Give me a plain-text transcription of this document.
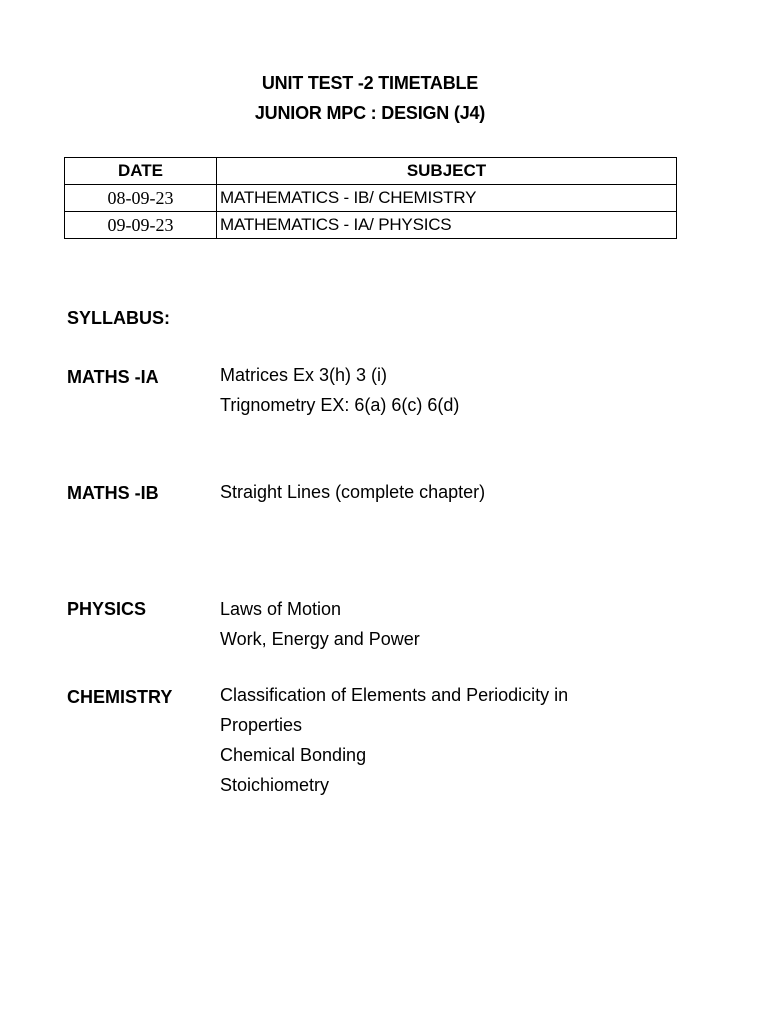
UNIT TEST -2 TIMETABLE
JUNIOR MPC : DESIGN (J4)
DATE	SUBJECT
08-09-23	MATHEMATICS - IB/ CHEMISTRY
09-09-23	MATHEMATICS - IA/ PHYSICS
SYLLABUS:
MATHS -IA	Matrices Ex 3(h) 3 (i)
Trignometry EX: 6(a) 6(c) 6(d)
MATHS -IB	Straight Lines (complete chapter)
PHYSICS	Laws of Motion
Work, Energy and Power
CHEMISTRY	Classification of Elements and Periodicity in
Properties
Chemical Bonding
Stoichiometry
